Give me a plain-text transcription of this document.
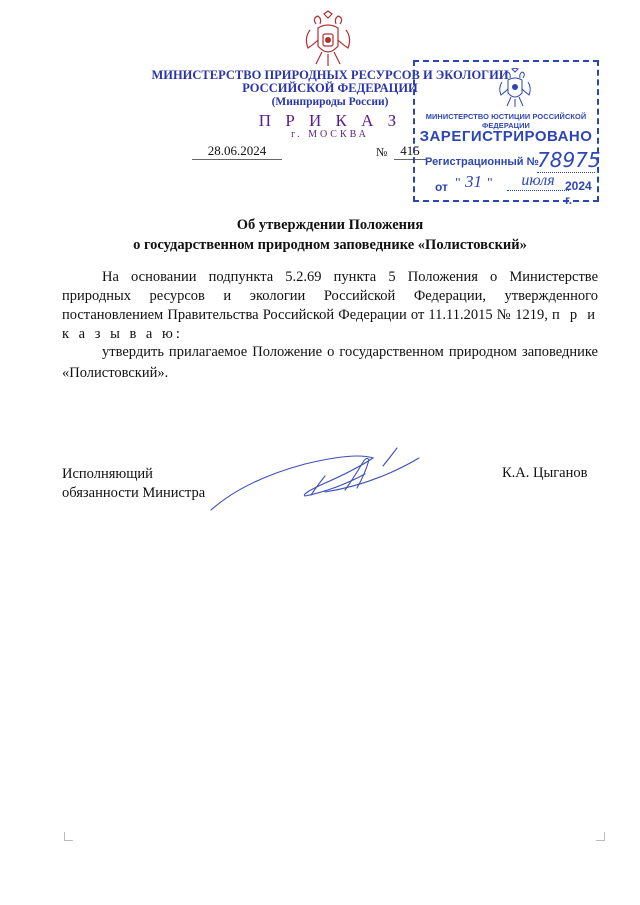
МИНИСТЕРСТВО ПРИРОДНЫХ РЕСУРСОВ И ЭКОЛОГИИ
РОССИЙСКОЙ ФЕДЕРАЦИИ
(Минприроды России)
П Р И К А З
г. МОСКВА
28.06.2024	№ 415
МИНИСТЕРСТВО ЮСТИЦИИ РОССИЙСКОЙ ФЕДЕРАЦИИ
ЗАРЕГИСТРИРОВАНО
Регистрационный №
78975
от " 31 "	июля 2024 г.
Об утверждении Положения
о государственном природном заповеднике «Полистовский»
На основании подпункта 5.2.69 пункта 5 Положения о Министерстве природных ресурсов и экологии Российской Федерации, утвержденного постановлением Правительства Российской Федерации от 11.11.2015 № 1219, п р и к а з ы в а ю:
утвердить прилагаемое Положение о государственном природном заповеднике «Полистовский».
Исполняющий
обязанности Министра
К.А. Цыганов
